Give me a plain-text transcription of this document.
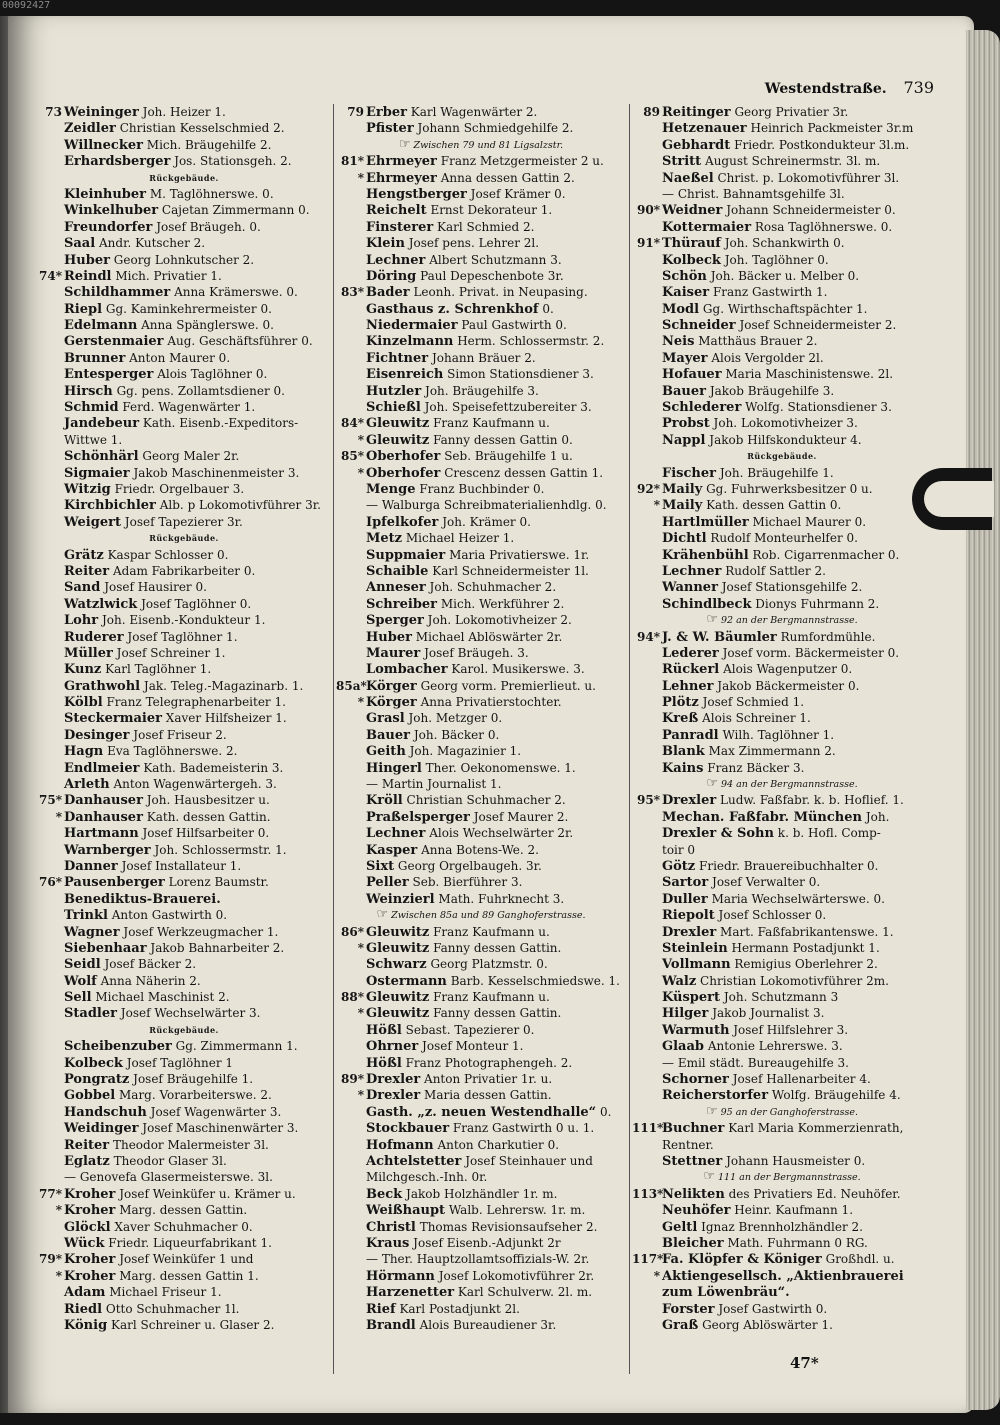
00092427
Westendstraße. 739
73 Weininger Joh. Heizer 1.
Zeidler Christian Kesselschmied 2.
Willnecker Mich. Bräugehilfe 2.
Erhardsberger Jos. Stationsgeh. 2.
Rückgebäude.
Kleinhuber M. Taglöhnerswe. 0.
Winkelhuber Cajetan Zimmermann 0.
Freundorfer Josef Bräugeh. 0.
Saal Andr. Kutscher 2.
Huber Georg Lohnkutscher 2.
74* Reindl Mich. Privatier 1.
Schildhammer Anna Krämerswe. 0.
Riepl Gg. Kaminkehrermeister 0.
Edelmann Anna Spänglerswe. 0.
Gerstenmaier Aug. Geschäftsführer 0.
Brunner Anton Maurer 0.
Entesperger Alois Taglöhner 0.
Hirsch Gg. pens. Zollamtsdiener 0.
Schmid Ferd. Wagenwärter 1.
Jandebeur Kath. Eisenb.-Expeditors-
Wittwe 1.
Schönhärl Georg Maler 2r.
Sigmaier Jakob Maschinenmeister 3.
Witzig Friedr. Orgelbauer 3.
Kirchbichler Alb. p Lokomotivführer 3r.
Weigert Josef Tapezierer 3r.
Rückgebäude.
Grätz Kaspar Schlosser 0.
Reiter Adam Fabrikarbeiter 0.
Sand Josef Hausirer 0.
Watzlwick Josef Taglöhner 0.
Lohr Joh. Eisenb.-Kondukteur 1.
Ruderer Josef Taglöhner 1.
Müller Josef Schreiner 1.
Kunz Karl Taglöhner 1.
Grathwohl Jak. Teleg.-Magazinarb. 1.
Kölbl Franz Telegraphenarbeiter 1.
Steckermaier Xaver Hilfsheizer 1.
Desinger Josef Friseur 2.
Hagn Eva Taglöhnerswe. 2.
Endlmeier Kath. Bademeisterin 3.
Arleth Anton Wagenwärtergeh. 3.
75* Danhauser Joh. Hausbesitzer u.
* Danhauser Kath. dessen Gattin.
Hartmann Josef Hilfsarbeiter 0.
Warnberger Joh. Schlossermstr. 1.
Danner Josef Installateur 1.
76* Pausenberger Lorenz Baumstr.
Benediktus-Brauerei.
Trinkl Anton Gastwirth 0.
Wagner Josef Werkzeugmacher 1.
Siebenhaar Jakob Bahnarbeiter 2.
Seidl Josef Bäcker 2.
Wolf Anna Näherin 2.
Sell Michael Maschinist 2.
Stadler Josef Wechselwärter 3.
Rückgebäude.
Scheibenzuber Gg. Zimmermann 1.
Kolbeck Josef Taglöhner 1
Pongratz Josef Bräugehilfe 1.
Gobbel Marg. Vorarbeiterswe. 2.
Handschuh Josef Wagenwärter 3.
Weidinger Josef Maschinenwärter 3.
Reiter Theodor Malermeister 3l.
Eglatz Theodor Glaser 3l.
— Genovefa Glasermeisterswe. 3l.
77* Kroher Josef Weinküfer u. Krämer u.
* Kroher Marg. dessen Gattin.
Glöckl Xaver Schuhmacher 0.
Wück Friedr. Liqueurfabrikant 1.
79* Kroher Josef Weinküfer 1 und
* Kroher Marg. dessen Gattin 1.
Adam Michael Friseur 1.
Riedl Otto Schuhmacher 1l.
König Karl Schreiner u. Glaser 2.
79 Erber Karl Wagenwärter 2.
Pfister Johann Schmiedgehilfe 2.
☞ Zwischen 79 und 81 Ligsalzstr.
81* Ehrmeyer Franz Metzgermeister 2 u.
* Ehrmeyer Anna dessen Gattin 2.
Hengstberger Josef Krämer 0.
Reichelt Ernst Dekorateur 1.
Finsterer Karl Schmied 2.
Klein Josef pens. Lehrer 2l.
Lechner Albert Schutzmann 3.
Döring Paul Depeschenbote 3r.
83* Bader Leonh. Privat. in Neupasing.
Gasthaus z. Schrenkhof 0.
Niedermaier Paul Gastwirth 0.
Kinzelmann Herm. Schlossermstr. 2.
Fichtner Johann Bräuer 2.
Eisenreich Simon Stationsdiener 3.
Hutzler Joh. Bräugehilfe 3.
Schießl Joh. Speisefettzubereiter 3.
84* Gleuwitz Franz Kaufmann u.
* Gleuwitz Fanny dessen Gattin 0.
85* Oberhofer Seb. Bräugehilfe 1 u.
* Oberhofer Crescenz dessen Gattin 1.
Menge Franz Buchbinder 0.
— Walburga Schreibmaterialienhdlg. 0.
Ipfelkofer Joh. Krämer 0.
Metz Michael Heizer 1.
Suppmaier Maria Privatierswe. 1r.
Schaible Karl Schneidermeister 1l.
Anneser Joh. Schuhmacher 2.
Schreiber Mich. Werkführer 2.
Sperger Joh. Lokomotivheizer 2.
Huber Michael Ablöswärter 2r.
Maurer Josef Bräugeh. 3.
Lombacher Karol. Musikerswe. 3.
85a*Körger Georg vorm. Premierlieut. u.
* Körger Anna Privatierstochter.
Grasl Joh. Metzger 0.
Bauer Joh. Bäcker 0.
Geith Joh. Magazinier 1.
Hingerl Ther. Oekonomenswe. 1.
— Martin Journalist 1.
Kröll Christian Schuhmacher 2.
Praßelsperger Josef Maurer 2.
Lechner Alois Wechselwärter 2r.
Kasper Anna Botens-We. 2.
Sixt Georg Orgelbaugeh. 3r.
Peller Seb. Bierführer 3.
Weinzierl Math. Fuhrknecht 3.
☞ Zwischen 85a und 89 Ganghoferstrasse.
86* Gleuwitz Franz Kaufmann u.
* Gleuwitz Fanny dessen Gattin.
Schwarz Georg Platzmstr. 0.
Ostermann Barb. Kesselschmiedswe. 1.
88* Gleuwitz Franz Kaufmann u.
* Gleuwitz Fanny dessen Gattin.
Hößl Sebast. Tapezierer 0.
Ohrner Josef Monteur 1.
Hößl Franz Photographengeh. 2.
89* Drexler Anton Privatier 1r. u.
* Drexler Maria dessen Gattin.
Gasth. „z. neuen Westendhalle“ 0.
Stockbauer Franz Gastwirth 0 u. 1.
Hofmann Anton Charkutier 0.
Achtelstetter Josef Steinhauer und
Milchgesch.-Inh. 0r.
Beck Jakob Holzhändler 1r. m.
Weißhaupt Walb. Lehrersw. 1r. m.
Christl Thomas Revisionsaufseher 2.
Kraus Josef Eisenb.-Adjunkt 2r
— Ther. Hauptzollamtsoffizials-W. 2r.
Hörmann Josef Lokomotivführer 2r.
Harzenetter Karl Schulverw. 2l. m.
Rief Karl Postadjunkt 2l.
Brandl Alois Bureaudiener 3r.
89 Reitinger Georg Privatier 3r.
Hetzenauer Heinrich Packmeister 3r.m
Gebhardt Friedr. Postkondukteur 3l.m.
Stritt August Schreinermstr. 3l. m.
Naeßel Christ. p. Lokomotivführer 3l.
— Christ. Bahnamtsgehilfe 3l.
90* Weidner Johann Schneidermeister 0.
Kottermaier Rosa Taglöhnerswe. 0.
91* Thürauf Joh. Schankwirth 0.
Kolbeck Joh. Taglöhner 0.
Schön Joh. Bäcker u. Melber 0.
Kaiser Franz Gastwirth 1.
Modl Gg. Wirthschaftspächter 1.
Schneider Josef Schneidermeister 2.
Neis Matthäus Brauer 2.
Mayer Alois Vergolder 2l.
Hofauer Maria Maschinistenswe. 2l.
Bauer Jakob Bräugehilfe 3.
Schlederer Wolfg. Stationsdiener 3.
Probst Joh. Lokomotivheizer 3.
Nappl Jakob Hilfskondukteur 4.
Rückgebäude.
Fischer Joh. Bräugehilfe 1.
92* Maily Gg. Fuhrwerksbesitzer 0 u.
* Maily Kath. dessen Gattin 0.
Hartlmüller Michael Maurer 0.
Dichtl Rudolf Monteurhelfer 0.
Krähenbühl Rob. Cigarrenmacher 0.
Lechner Rudolf Sattler 2.
Wanner Josef Stationsgehilfe 2.
Schindlbeck Dionys Fuhrmann 2.
☞ 92 an der Bergmannstrasse.
94* J. & W. Bäumler Rumfordmühle.
Lederer Josef vorm. Bäckermeister 0.
Rückerl Alois Wagenputzer 0.
Lehner Jakob Bäckermeister 0.
Plötz Josef Schmied 1.
Kreß Alois Schreiner 1.
Panradl Wilh. Taglöhner 1.
Blank Max Zimmermann 2.
Kains Franz Bäcker 3.
☞ 94 an der Bergmannstrasse.
95* Drexler Ludw. Faßfabr. k. b. Hoflief. 1.
Mechan. Faßfabr. München Joh.
Drexler & Sohn k. b. Hofl. Comp-
toir 0
Götz Friedr. Brauereibuchhalter 0.
Sartor Josef Verwalter 0.
Duller Maria Wechselwärterswe. 0.
Riepolt Josef Schlosser 0.
Drexler Mart. Faßfabrikantenswe. 1.
Steinlein Hermann Postadjunkt 1.
Vollmann Remigius Oberlehrer 2.
Walz Christian Lokomotivführer 2m.
Küspert Joh. Schutzmann 3
Hilger Jakob Journalist 3.
Warmuth Josef Hilfslehrer 3.
Glaab Antonie Lehrerswe. 3.
— Emil städt. Bureaugehilfe 3.
Schorner Josef Hallenarbeiter 4.
Reicherstorfer Wolfg. Bräugehilfe 4.
☞ 95 an der Ganghoferstrasse.
111*Buchner Karl Maria Kommerzienrath,
Rentner.
Stettner Johann Hausmeister 0.
☞ 111 an der Bergmannstrasse.
113*Nelikten des Privatiers Ed. Neuhöfer.
Neuhöfer Heinr. Kaufmann 1.
Geltl Ignaz Brennholzhändler 2.
Bleicher Math. Fuhrmann 0 RG.
117*Fa. Klöpfer & Königer Großhdl. u.
* Aktiengesellsch. „Aktienbrauerei
zum Löwenbräu“.
Forster Josef Gastwirth 0.
Graß Georg Ablöswärter 1.
47*
